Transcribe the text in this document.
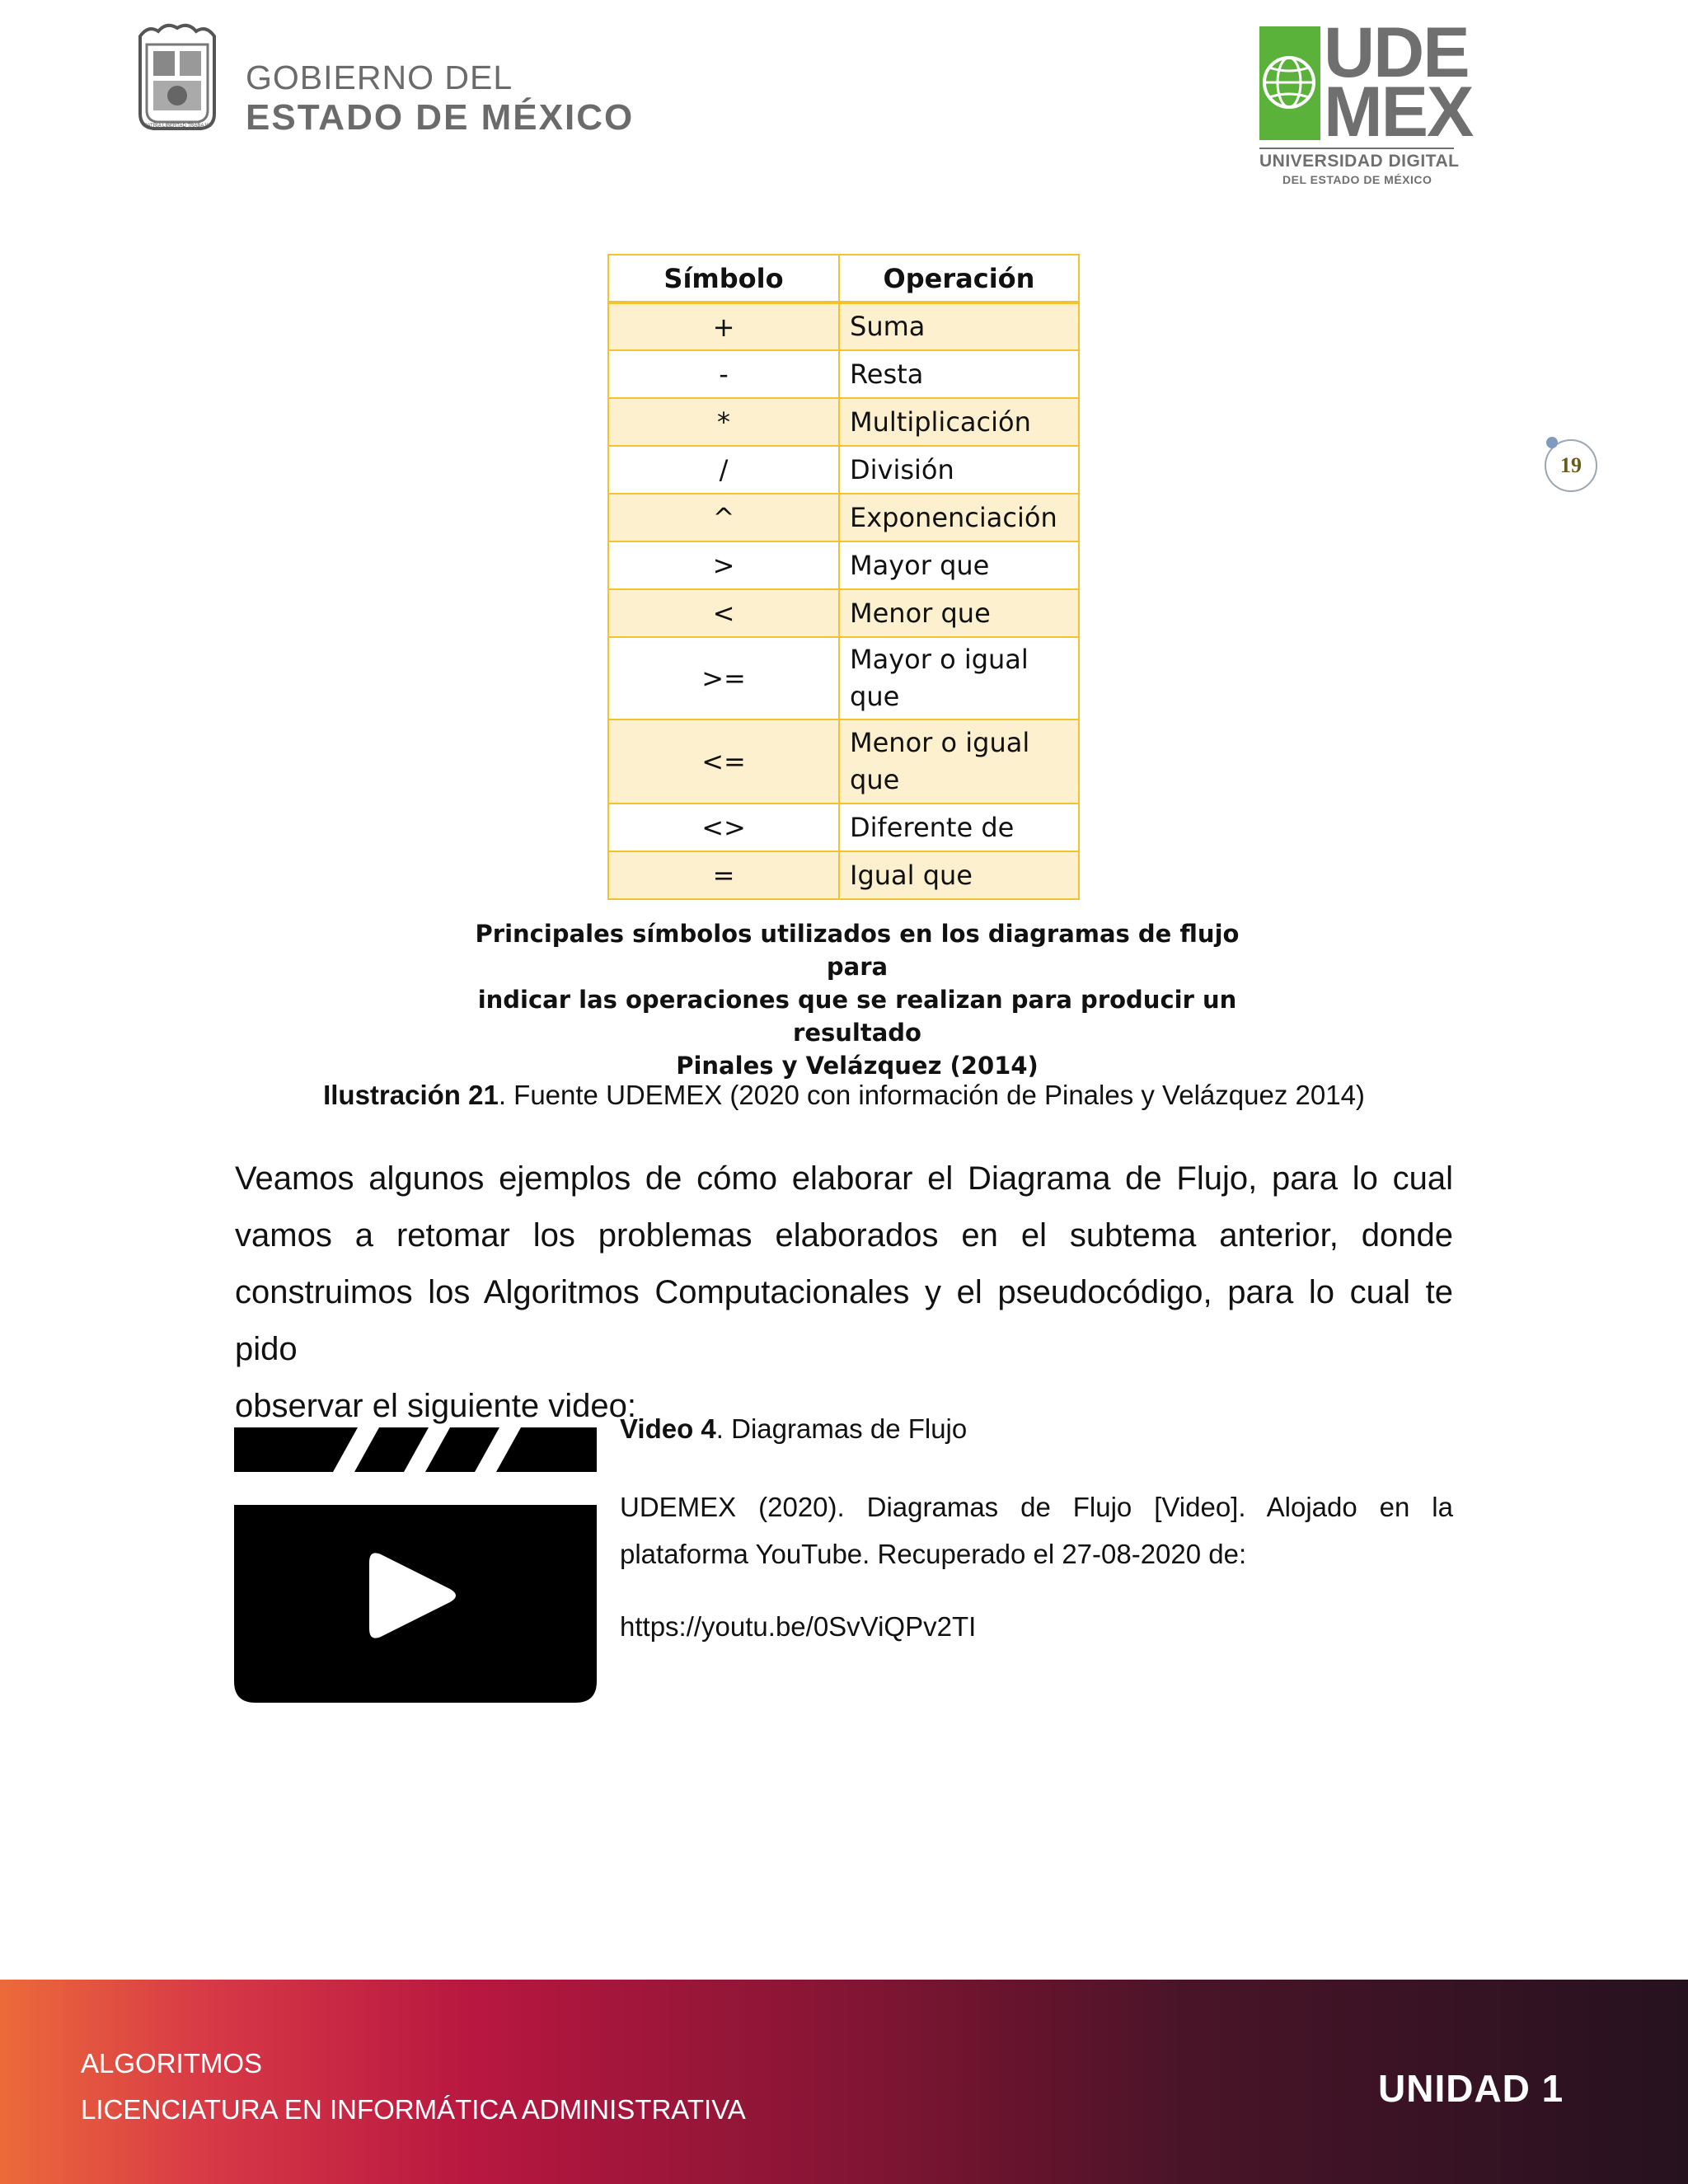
PATRIA LIBERTAD TRABAJO
GOBIERNO DEL
ESTADO DE MÉXICO
UDE
MEX
UNIVERSIDAD DIGITAL
DEL ESTADO DE MÉXICO
19
Símbolo	Operación
+	Suma
-	Resta
*	Multiplicación
/	División
^	Exponenciación
>	Mayor que
<	Menor que
>=	Mayor o igual que
<=	Menor o igual que
<>	Diferente de
=	Igual que
Principales símbolos utilizados en los diagramas de flujo para
indicar las operaciones que se realizan para producir un resultado
Pinales y Velázquez (2014)
Ilustración 21. Fuente UDEMEX (2020 con información de Pinales y Velázquez 2014)
Veamos algunos ejemplos de cómo elaborar el Diagrama de Flujo, para lo cual
vamos a retomar los problemas elaborados en el subtema anterior, donde
construimos los Algoritmos Computacionales y el pseudocódigo, para lo cual te pido
observar el siguiente video:
Video 4. Diagramas de Flujo
UDEMEX (2020). Diagramas de Flujo [Video]. Alojado en la plataforma YouTube. Recuperado el 27-08-2020 de:
https://youtu.be/0SvViQPv2TI
ALGORITMOS
LICENCIATURA EN INFORMÁTICA ADMINISTRATIVA	UNIDAD 1
